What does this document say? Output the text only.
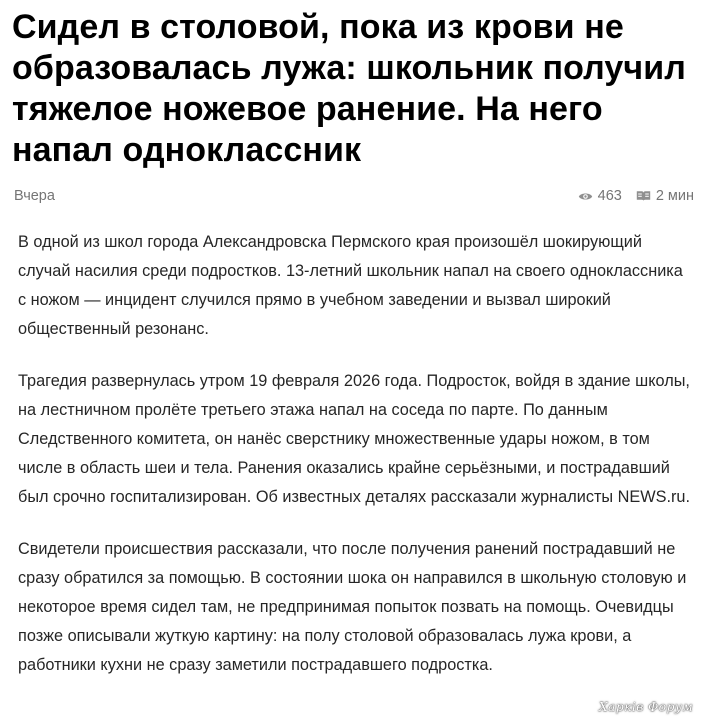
Сидел в столовой, пока из крови не образовалась лужа: школьник получил тяжелое ножевое ранение. На него напал одноклассник
Вчера	463 2 мин

В одной из школ города Александровска Пермского края произошёл шокирующий случай насилия среди подростков. 13-летний школьник напал на своего одноклассника с ножом — инцидент случился прямо в учебном заведении и вызвал широкий общественный резонанс.

Трагедия развернулась утром 19 февраля 2026 года. Подросток, войдя в здание школы, на лестничном пролёте третьего этажа напал на соседа по парте. По данным Следственного комитета, он нанёс сверстнику множественные удары ножом, в том числе в область шеи и тела. Ранения оказались крайне серьёзными, и пострадавший был срочно госпитализирован. Об известных деталях рассказали журналисты NEWS.ru.

Свидетели происшествия рассказали, что после получения ранений пострадавший не сразу обратился за помощью. В состоянии шока он направился в школьную столовую и некоторое время сидел там, не предпринимая попыток позвать на помощь. Очевидцы позже описывали жуткую картину: на полу столовой образовалась лужа крови, а работники кухни не сразу заметили пострадавшего подростка.

Харків Форум
